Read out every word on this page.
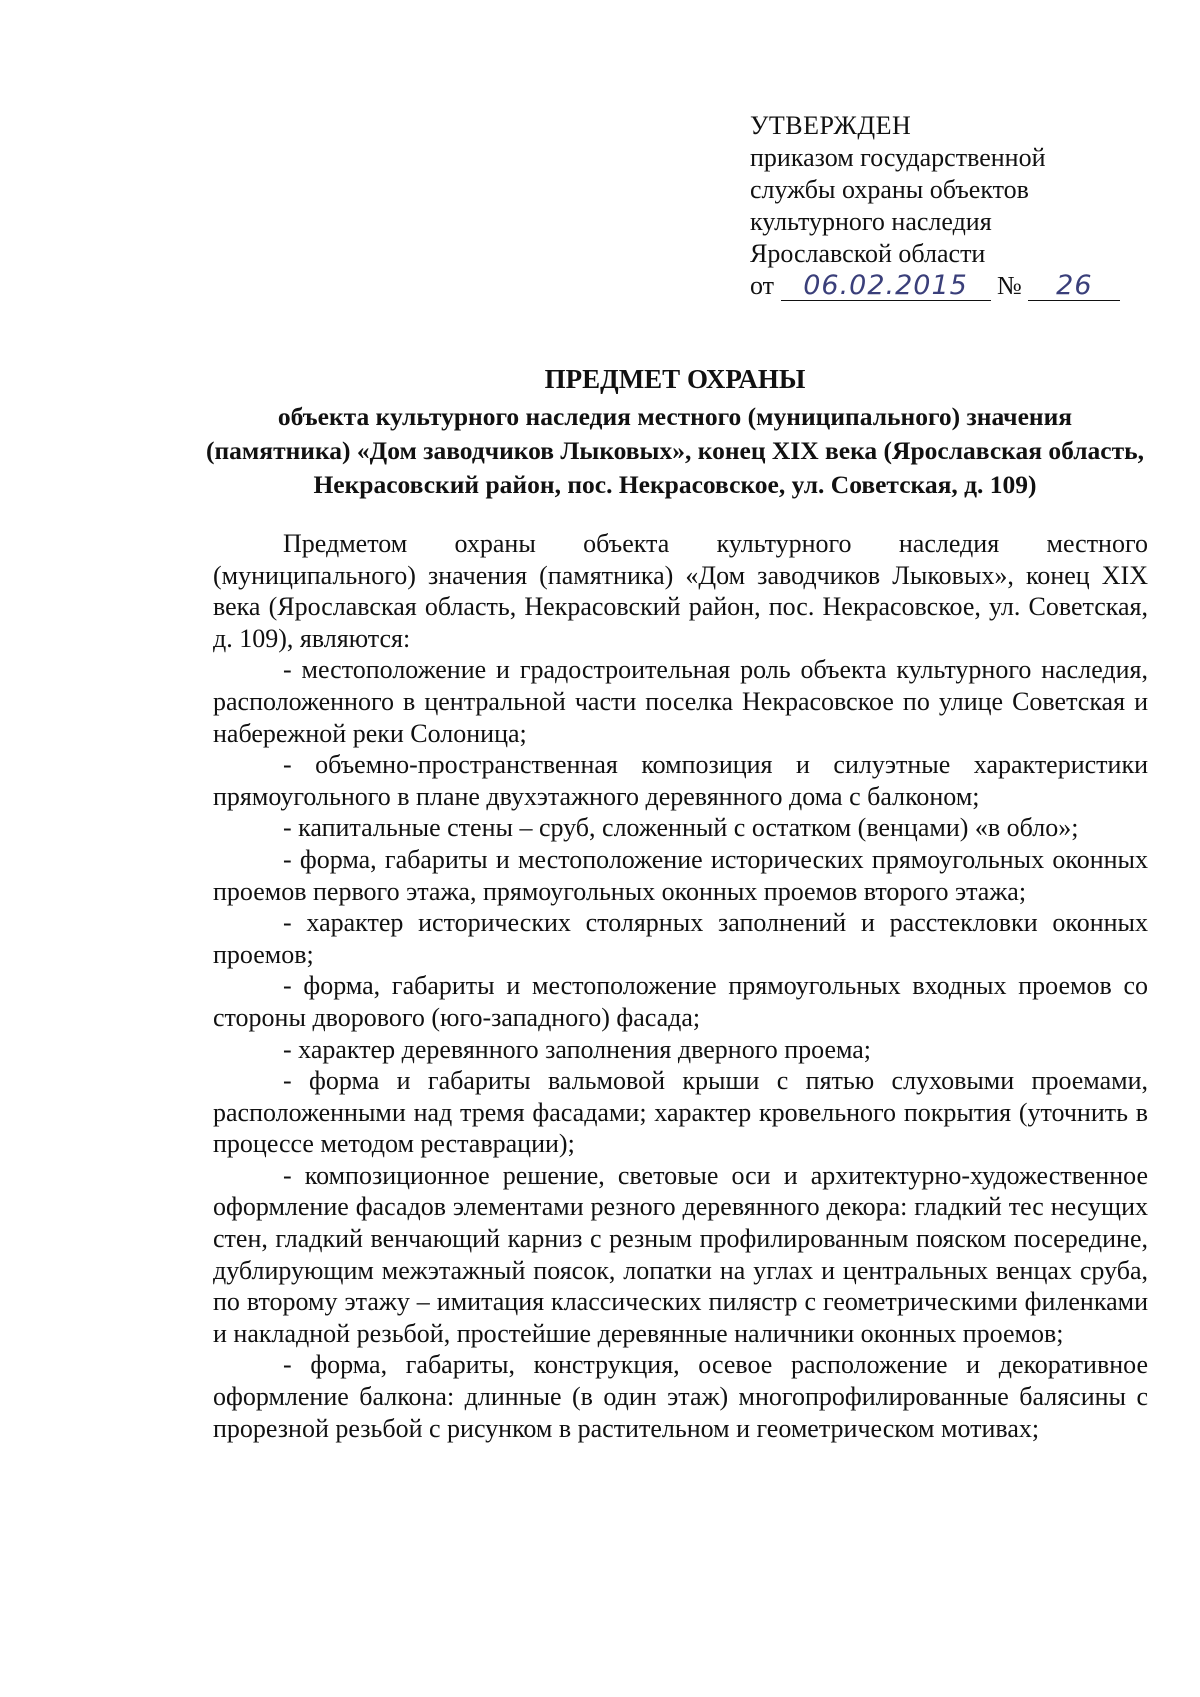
УТВЕРЖДЕН
приказом государственной
службы охраны объектов
культурного наследия
Ярославской области
от 06.02.2015 № 26
ПРЕДМЕТ ОХРАНЫ
объекта культурного наследия местного (муниципального) значения (памятника) «Дом заводчиков Лыковых», конец XIX века (Ярославская область, Некрасовский район, пос. Некрасовское, ул. Советская, д. 109)

Предметом охраны объекта культурного наследия местного (муниципального) значения (памятника) «Дом заводчиков Лыковых», конец XIX века (Ярославская область, Некрасовский район, пос. Некрасовское, ул. Советская, д. 109), являются:

- местоположение и градостроительная роль объекта культурного наследия, расположенного в центральной части поселка Некрасовское по улице Советская и набережной реки Солоница;

- объемно-пространственная композиция и силуэтные характеристики прямоугольного в плане двухэтажного деревянного дома с балконом;

- капитальные стены – сруб, сложенный с остатком (венцами) «в обло»;

- форма, габариты и местоположение исторических прямоугольных оконных проемов первого этажа, прямоугольных оконных проемов второго этажа;

- характер исторических столярных заполнений и расстекловки оконных проемов;

- форма, габариты и местоположение прямоугольных входных проемов со стороны дворового (юго-западного) фасада;

- характер деревянного заполнения дверного проема;

- форма и габариты вальмовой крыши с пятью слуховыми проемами, расположенными над тремя фасадами; характер кровельного покрытия (уточнить в процессе методом реставрации);

- композиционное решение, световые оси и архитектурно-художественное оформление фасадов элементами резного деревянного декора: гладкий тес несущих стен, гладкий венчающий карниз с резным профилированным пояском посередине, дублирующим межэтажный поясок, лопатки на углах и центральных венцах сруба, по второму этажу – имитация классических пилястр с геометрическими филенками и накладной резьбой, простейшие деревянные наличники оконных проемов;

- форма, габариты, конструкция, осевое расположение и декоративное оформление балкона: длинные (в один этаж) многопрофилированные балясины с прорезной резьбой с рисунком в растительном и геометрическом мотивах;
